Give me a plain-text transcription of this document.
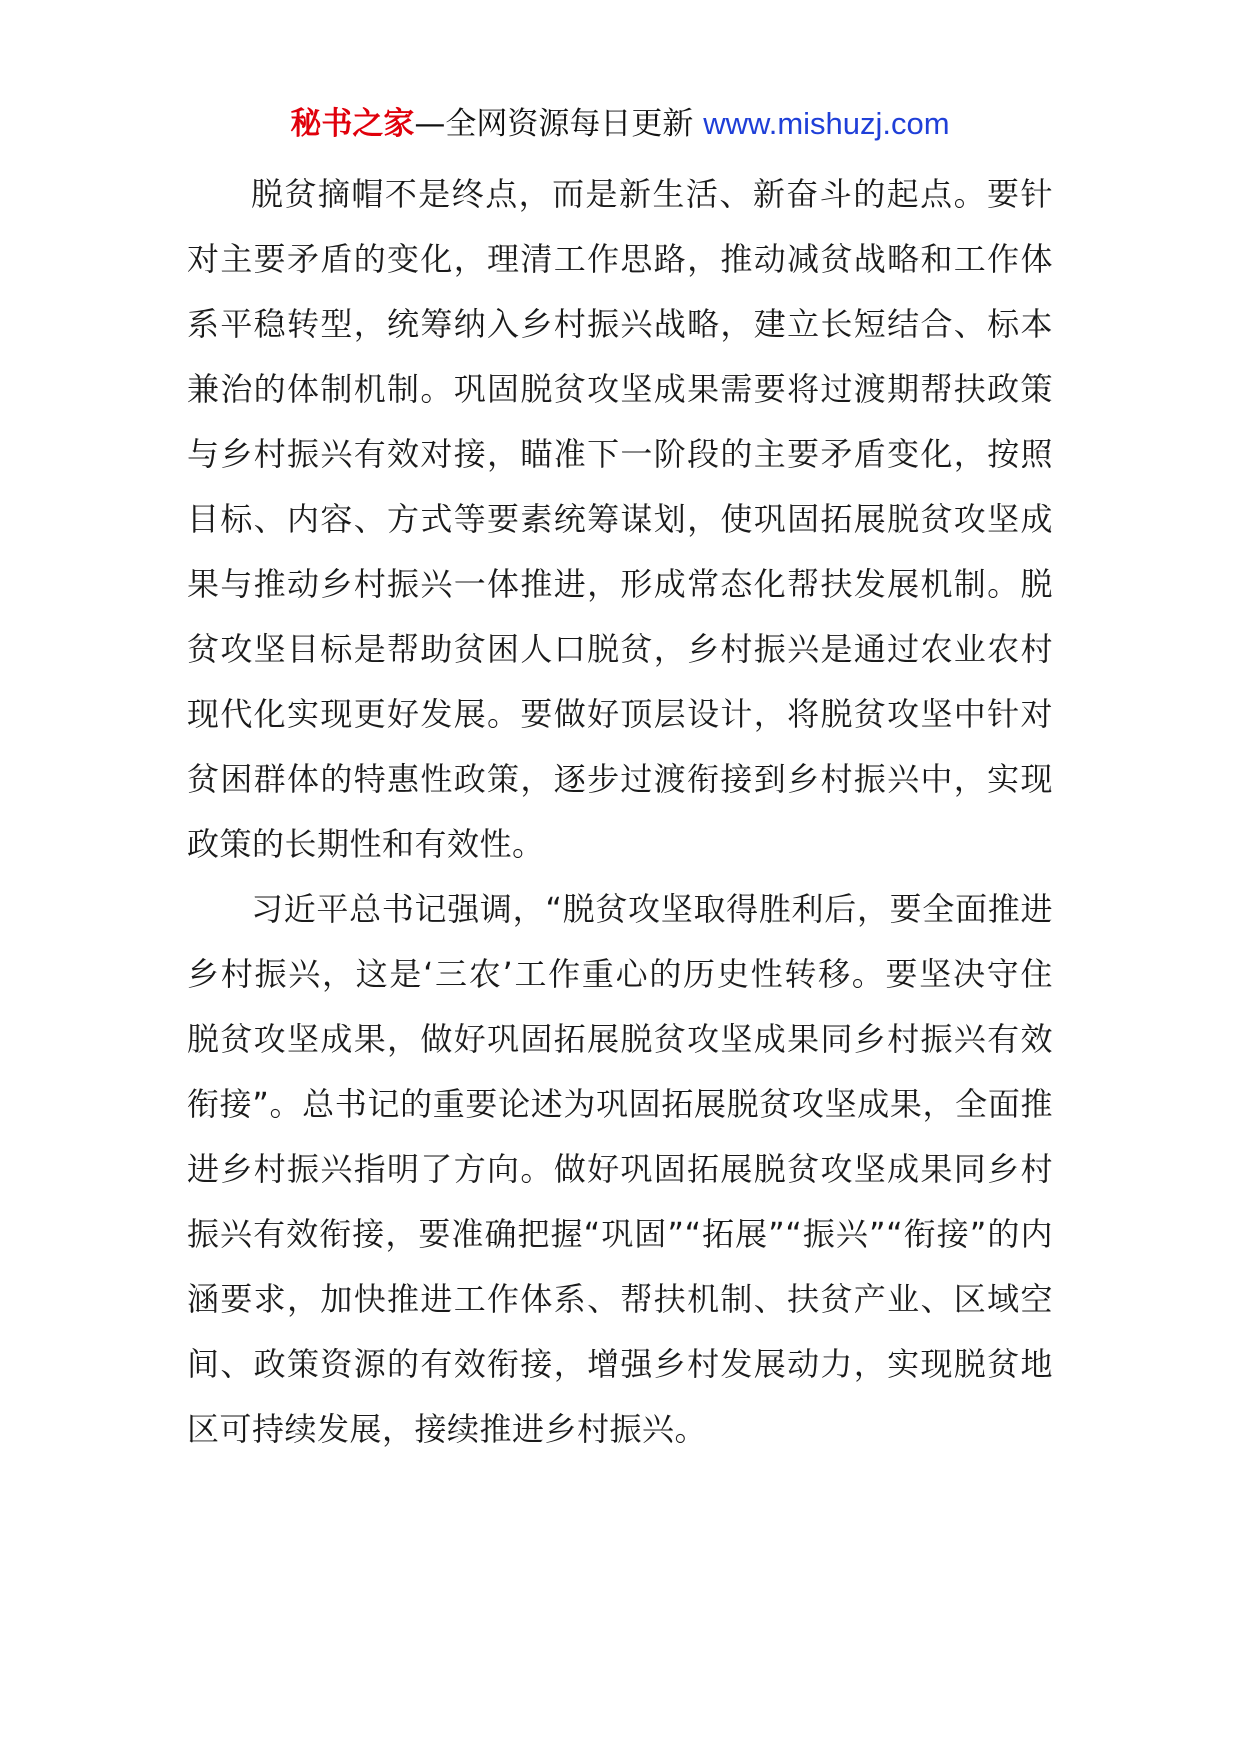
秘书之家—全网资源每日更新 www.mishuzj.com

脱贫摘帽不是终点，而是新生活、新奋斗的起点。要针对主要矛盾的变化，理清工作思路，推动减贫战略和工作体系平稳转型，统筹纳入乡村振兴战略，建立长短结合、标本兼治的体制机制。巩固脱贫攻坚成果需要将过渡期帮扶政策与乡村振兴有效对接，瞄准下一阶段的主要矛盾变化，按照目标、内容、方式等要素统筹谋划，使巩固拓展脱贫攻坚成果与推动乡村振兴一体推进，形成常态化帮扶发展机制。脱贫攻坚目标是帮助贫困人口脱贫，乡村振兴是通过农业农村现代化实现更好发展。要做好顶层设计，将脱贫攻坚中针对贫困群体的特惠性政策，逐步过渡衔接到乡村振兴中，实现政策的长期性和有效性。

习近平总书记强调，“脱贫攻坚取得胜利后，要全面推进乡村振兴，这是‘三农’工作重心的历史性转移。要坚决守住脱贫攻坚成果，做好巩固拓展脱贫攻坚成果同乡村振兴有效衔接”。总书记的重要论述为巩固拓展脱贫攻坚成果，全面推进乡村振兴指明了方向。做好巩固拓展脱贫攻坚成果同乡村振兴有效衔接，要准确把握“巩固”“拓展”“振兴”“衔接”的内涵要求，加快推进工作体系、帮扶机制、扶贫产业、区域空间、政策资源的有效衔接，增强乡村发展动力，实现脱贫地区可持续发展，接续推进乡村振兴。
